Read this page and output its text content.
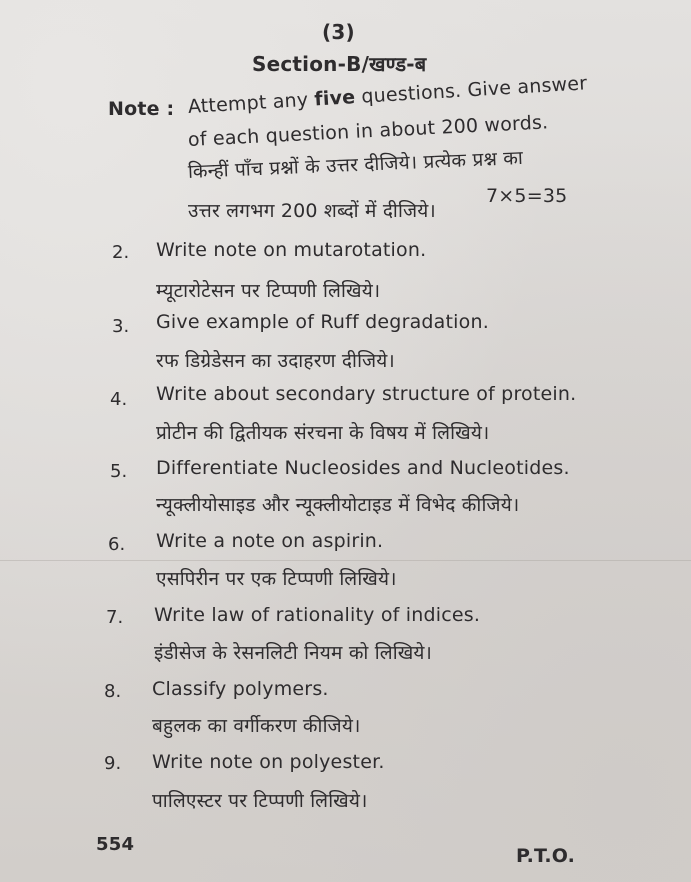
(3)
Section-B/खण्ड-ब
Note : Attempt any five questions. Give answer
of each question in about 200 words.
किन्हीं पाँच प्रश्नों के उत्तर दीजिये। प्रत्येक प्रश्न का
उत्तर लगभग 200 शब्दों में दीजिये।
7×5=35
2. Write note on mutarotation.
म्यूटारोटेसन पर टिप्पणी लिखिये।
3. Give example of Ruff degradation.
रफ डिग्रेडेसन का उदाहरण दीजिये।
4. Write about secondary structure of protein.
प्रोटीन की द्वितीयक संरचना के विषय में लिखिये।
5. Differentiate Nucleosides and Nucleotides.
न्यूक्लीयोसाइड और न्यूक्लीयोटाइड में विभेद कीजिये।
6. Write a note on aspirin.
एसपिरीन पर एक टिप्पणी लिखिये।
7. Write law of rationality of indices.
इंडीसेज के रेसनलिटी नियम को लिखिये।
8. Classify polymers.
बहुलक का वर्गीकरण कीजिये।
9. Write note on polyester.
पालिएस्टर पर टिप्पणी लिखिये।
554
P.T.O.
